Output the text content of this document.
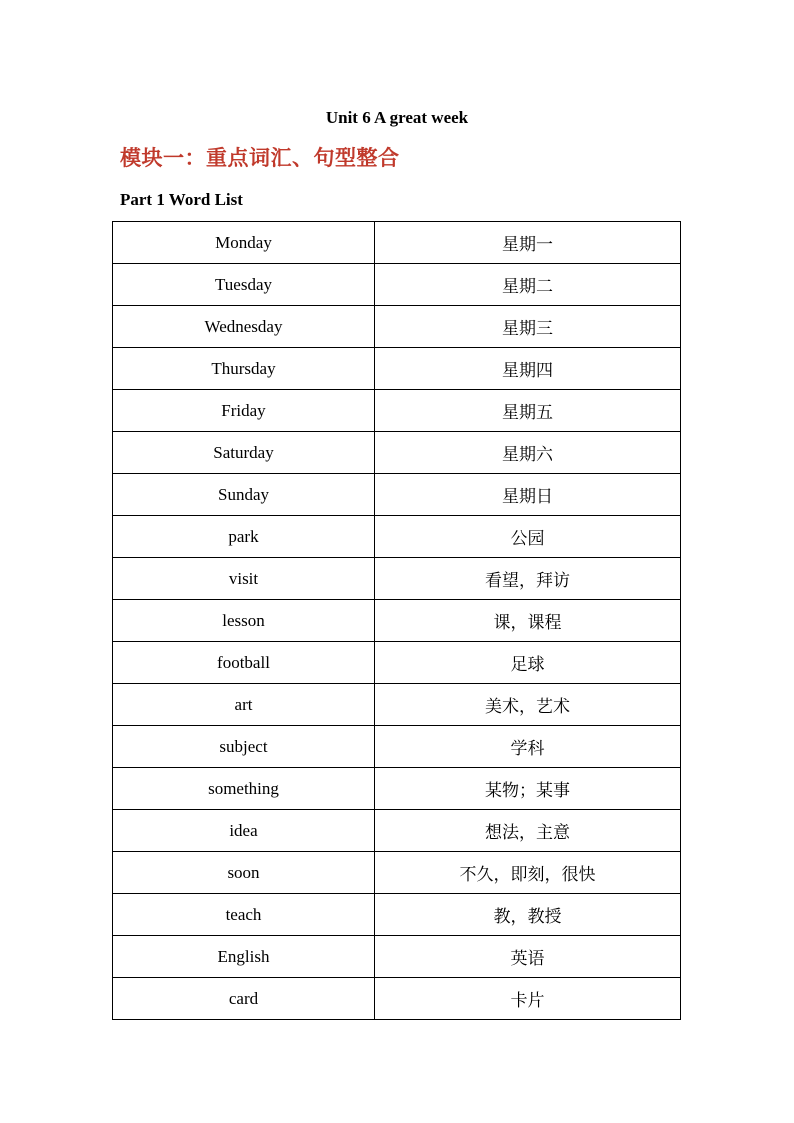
Unit 6 A great week
模块一：重点词汇、句型整合
Part 1 Word List
Monday	星期一
Tuesday	星期二
Wednesday	星期三
Thursday	星期四
Friday	星期五
Saturday	星期六
Sunday	星期日
park	公园
visit	看望，拜访
lesson	课，课程
football	足球
art	美术，艺术
subject	学科
something	某物；某事
idea	想法，主意
soon	不久，即刻，很快
teach	教，教授
English	英语
card	卡片
